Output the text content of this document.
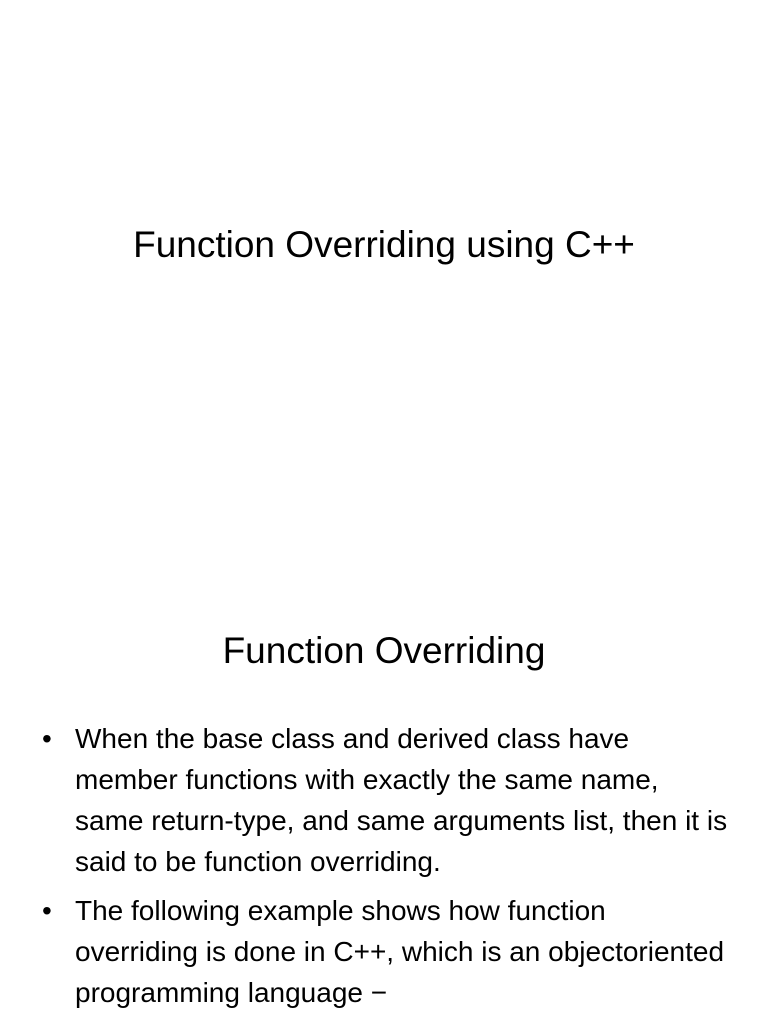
Function Overriding using C++
Function Overriding
• When the base class and derived class have member functions with exactly the same name, same return-type, and same arguments list, then it is said to be function overriding.
• The following example shows how function overriding is done in C++, which is an objectoriented programming language −
